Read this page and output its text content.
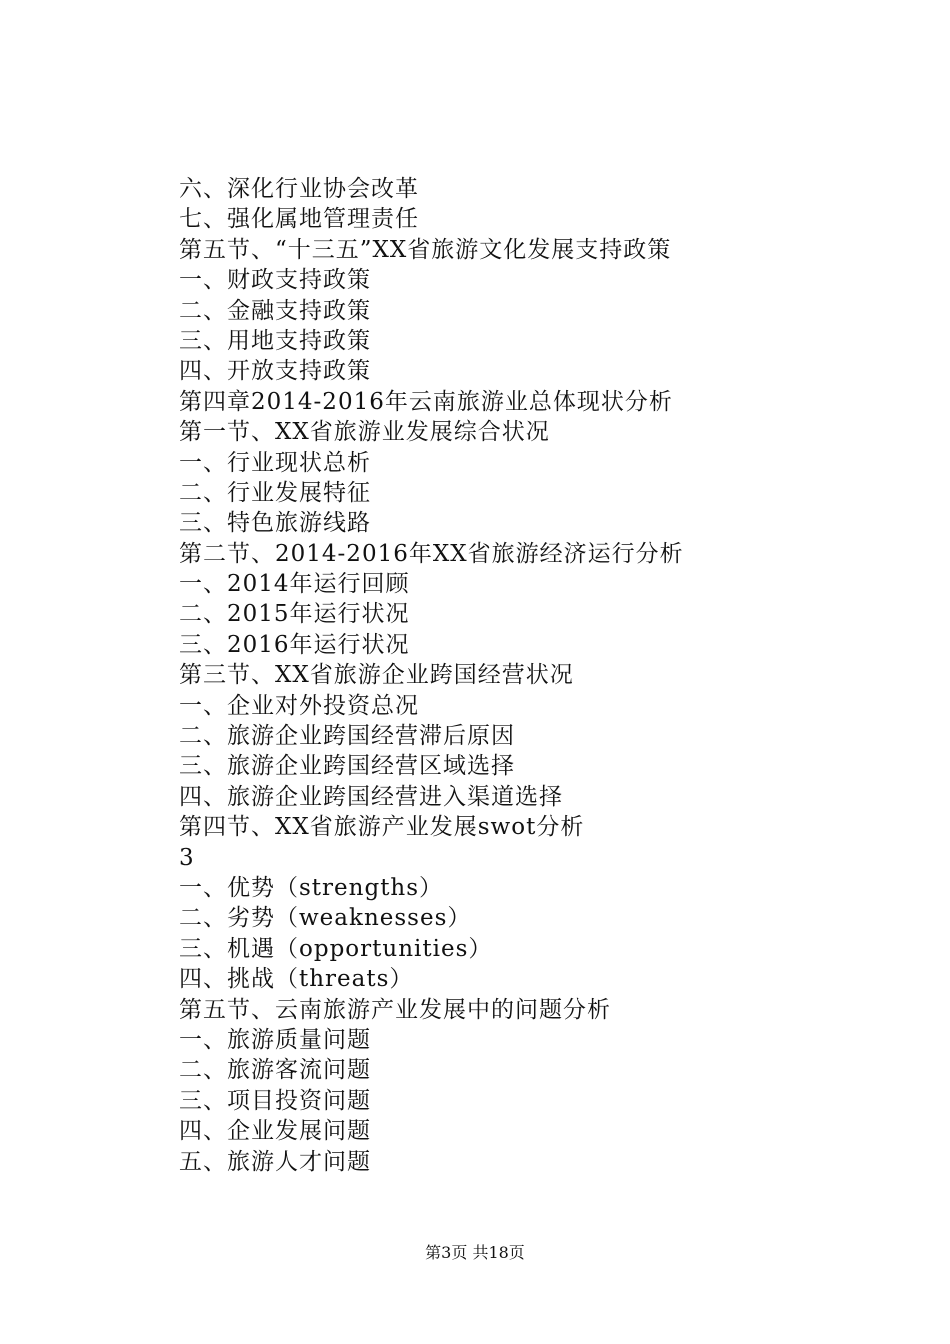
六、深化行业协会改革
七、强化属地管理责任
第五节、“十三五”XX省旅游文化发展支持政策
一、财政支持政策
二、金融支持政策
三、用地支持政策
四、开放支持政策
第四章2014-2016年云南旅游业总体现状分析
第一节、XX省旅游业发展综合状况
一、行业现状总析
二、行业发展特征
三、特色旅游线路
第二节、2014-2016年XX省旅游经济运行分析
一、2014年运行回顾
二、2015年运行状况
三、2016年运行状况
第三节、XX省旅游企业跨国经营状况
一、企业对外投资总况
二、旅游企业跨国经营滞后原因
三、旅游企业跨国经营区域选择
四、旅游企业跨国经营进入渠道选择
第四节、XX省旅游产业发展swot分析
3
一、优势（strengths）
二、劣势（weaknesses）
三、机遇（opportunities）
四、挑战（threats）
第五节、云南旅游产业发展中的问题分析
一、旅游质量问题
二、旅游客流问题
三、项目投资问题
四、企业发展问题
五、旅游人才问题
第3页 共18页
